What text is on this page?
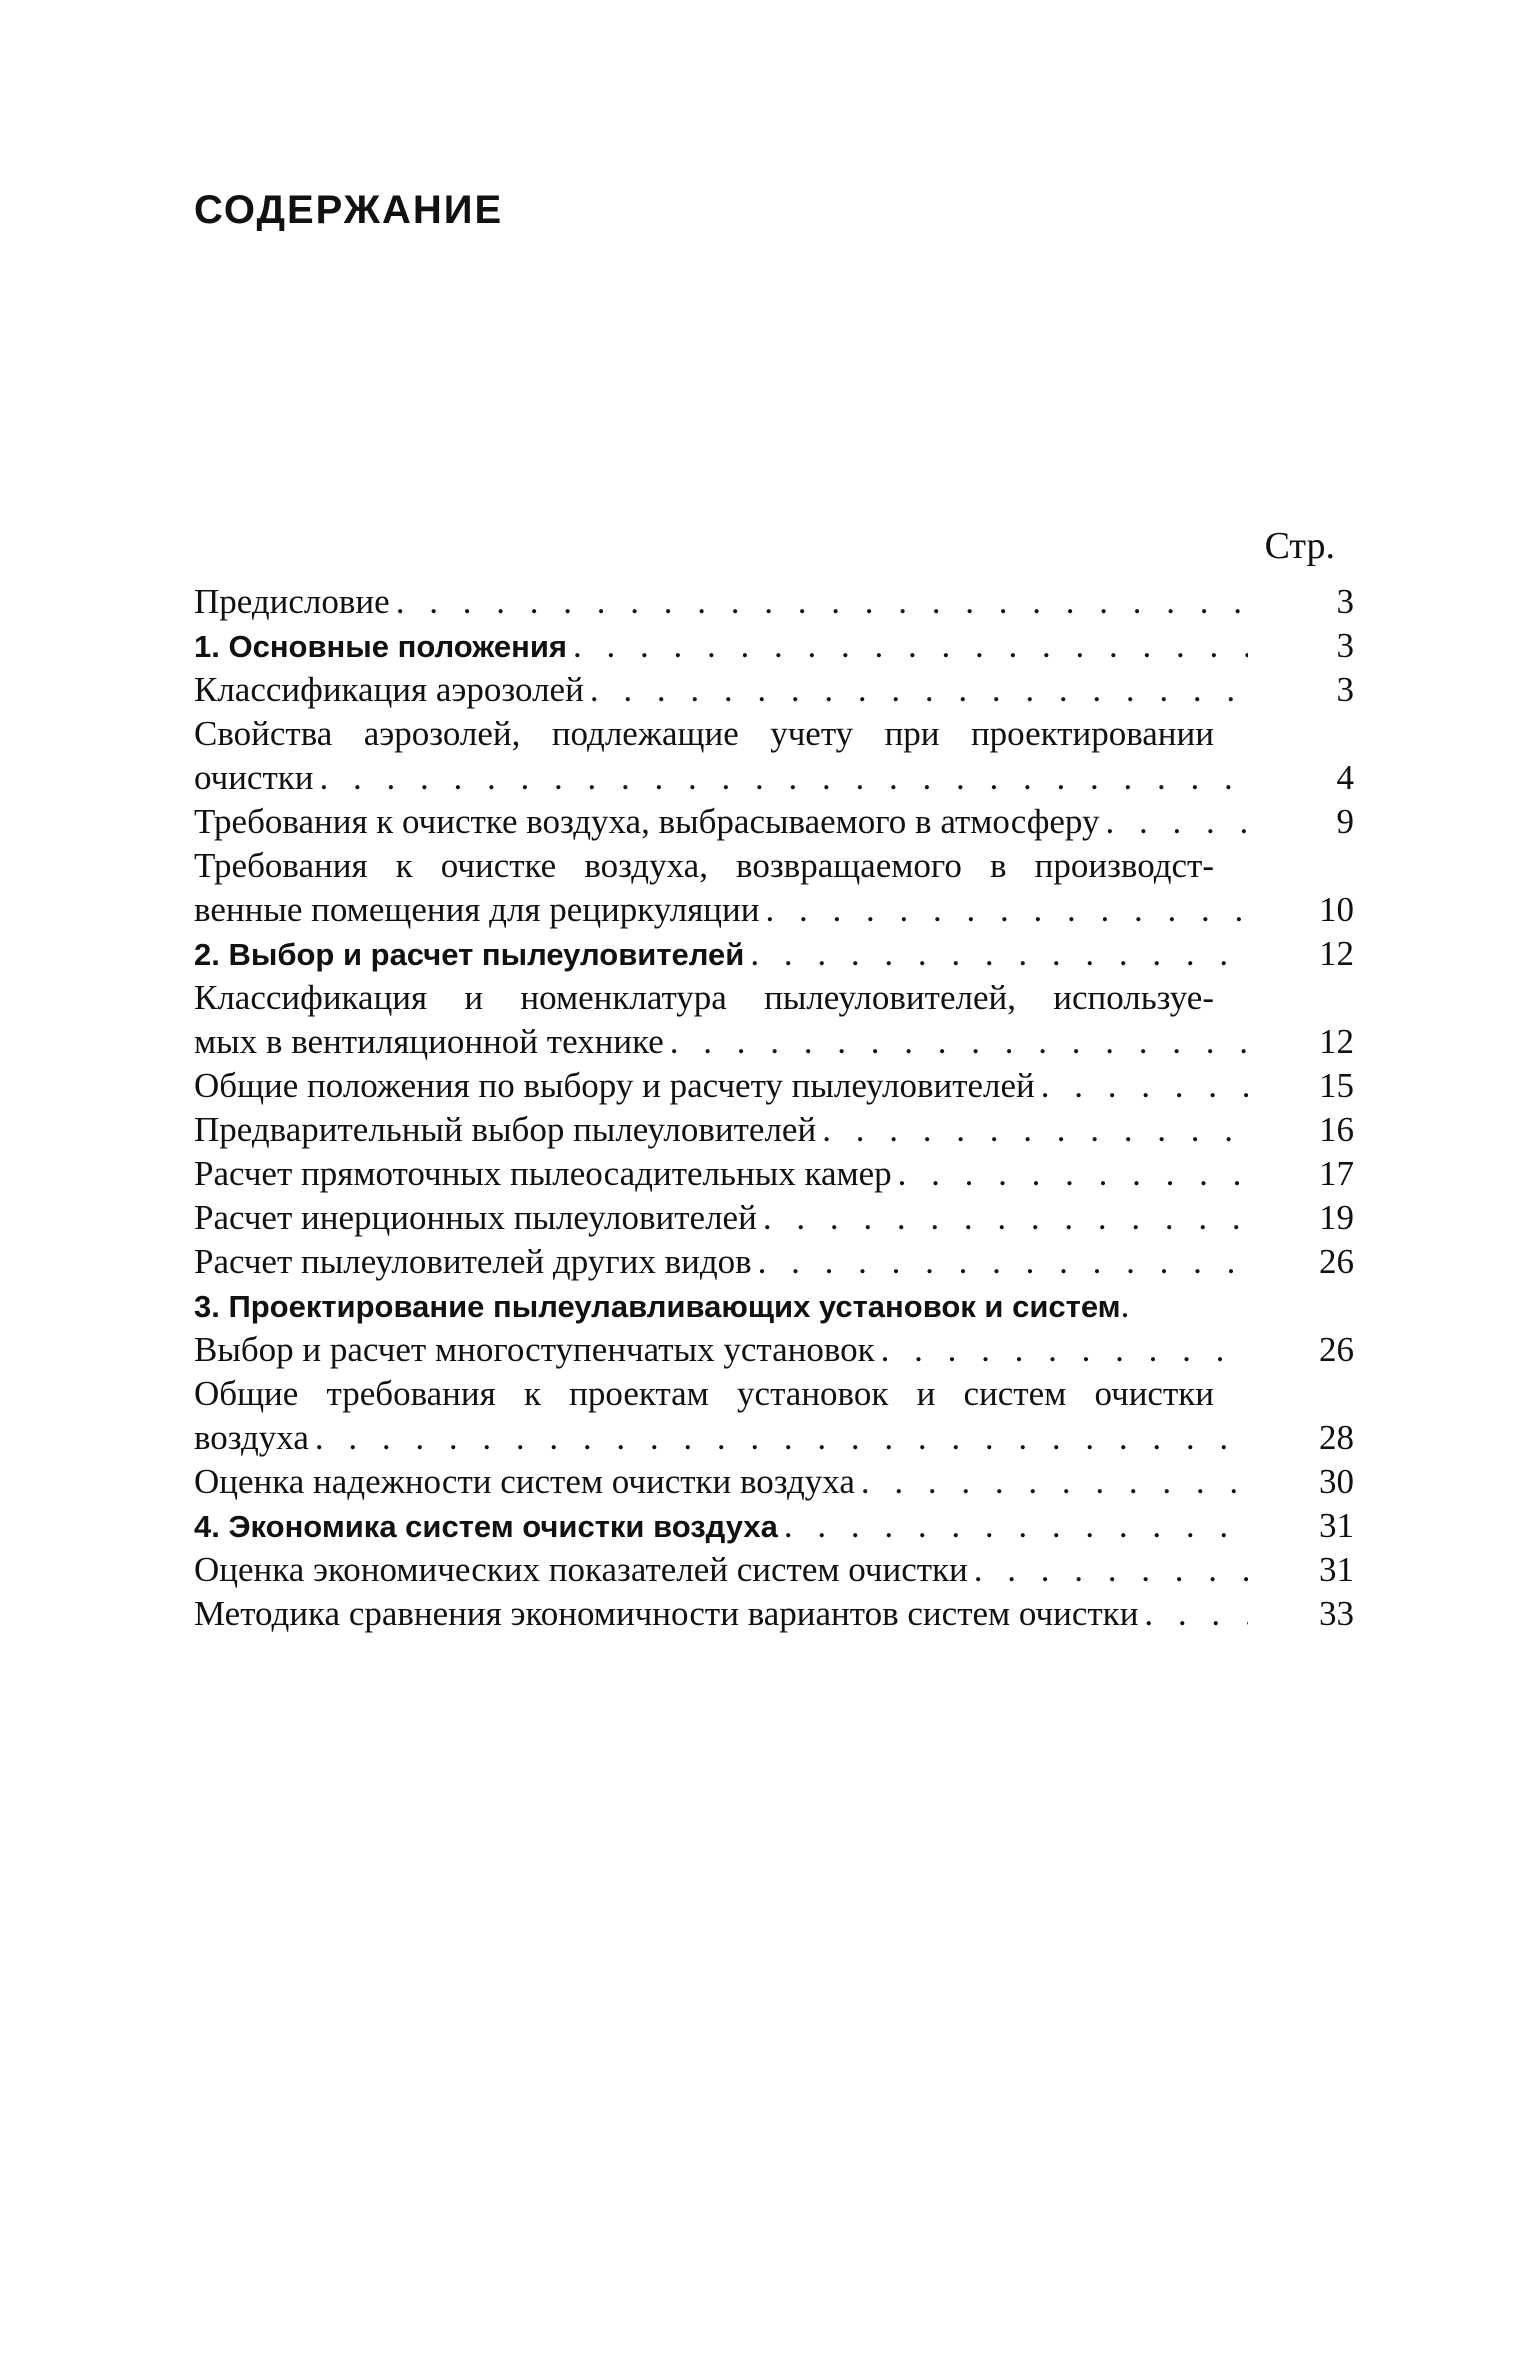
СОДЕРЖАНИЕ
Стр.
Предисловие . . .	3
1. Основные положения . . .	3
Классификация аэрозолей . . .	3
Свойства аэрозолей, подлежащие учету при проектировании
очистки . . .	4
Требования к очистке воздуха, выбрасываемого в атмосферу . . .	9
Требования к очистке воздуха, возвращаемого в производст-
венные помещения для рециркуляции . . .	10
2. Выбор и расчет пылеуловителей . . .	12
Классификация и номенклатура пылеуловителей, используе-
мых в вентиляционной технике . . .	12
Общие положения по выбору и расчету пылеуловителей . . .	15
Предварительный выбор пылеуловителей . . .	16
Расчет прямоточных пылеосадительных камер . . .	17
Расчет инерционных пылеуловителей . . .	19
Расчет пылеуловителей других видов . . .	26
3. Проектирование пылеулавливающих установок и систем .
Выбор и расчет многоступенчатых установок . . .	26
Общие требования к проектам установок и систем очистки
воздуха . . .	28
Оценка надежности систем очистки воздуха . . .	30
4. Экономика систем очистки воздуха . . .	31
Оценка экономических показателей систем очистки . . .	31
Методика сравнения экономичности вариантов систем очистки . . .	33
